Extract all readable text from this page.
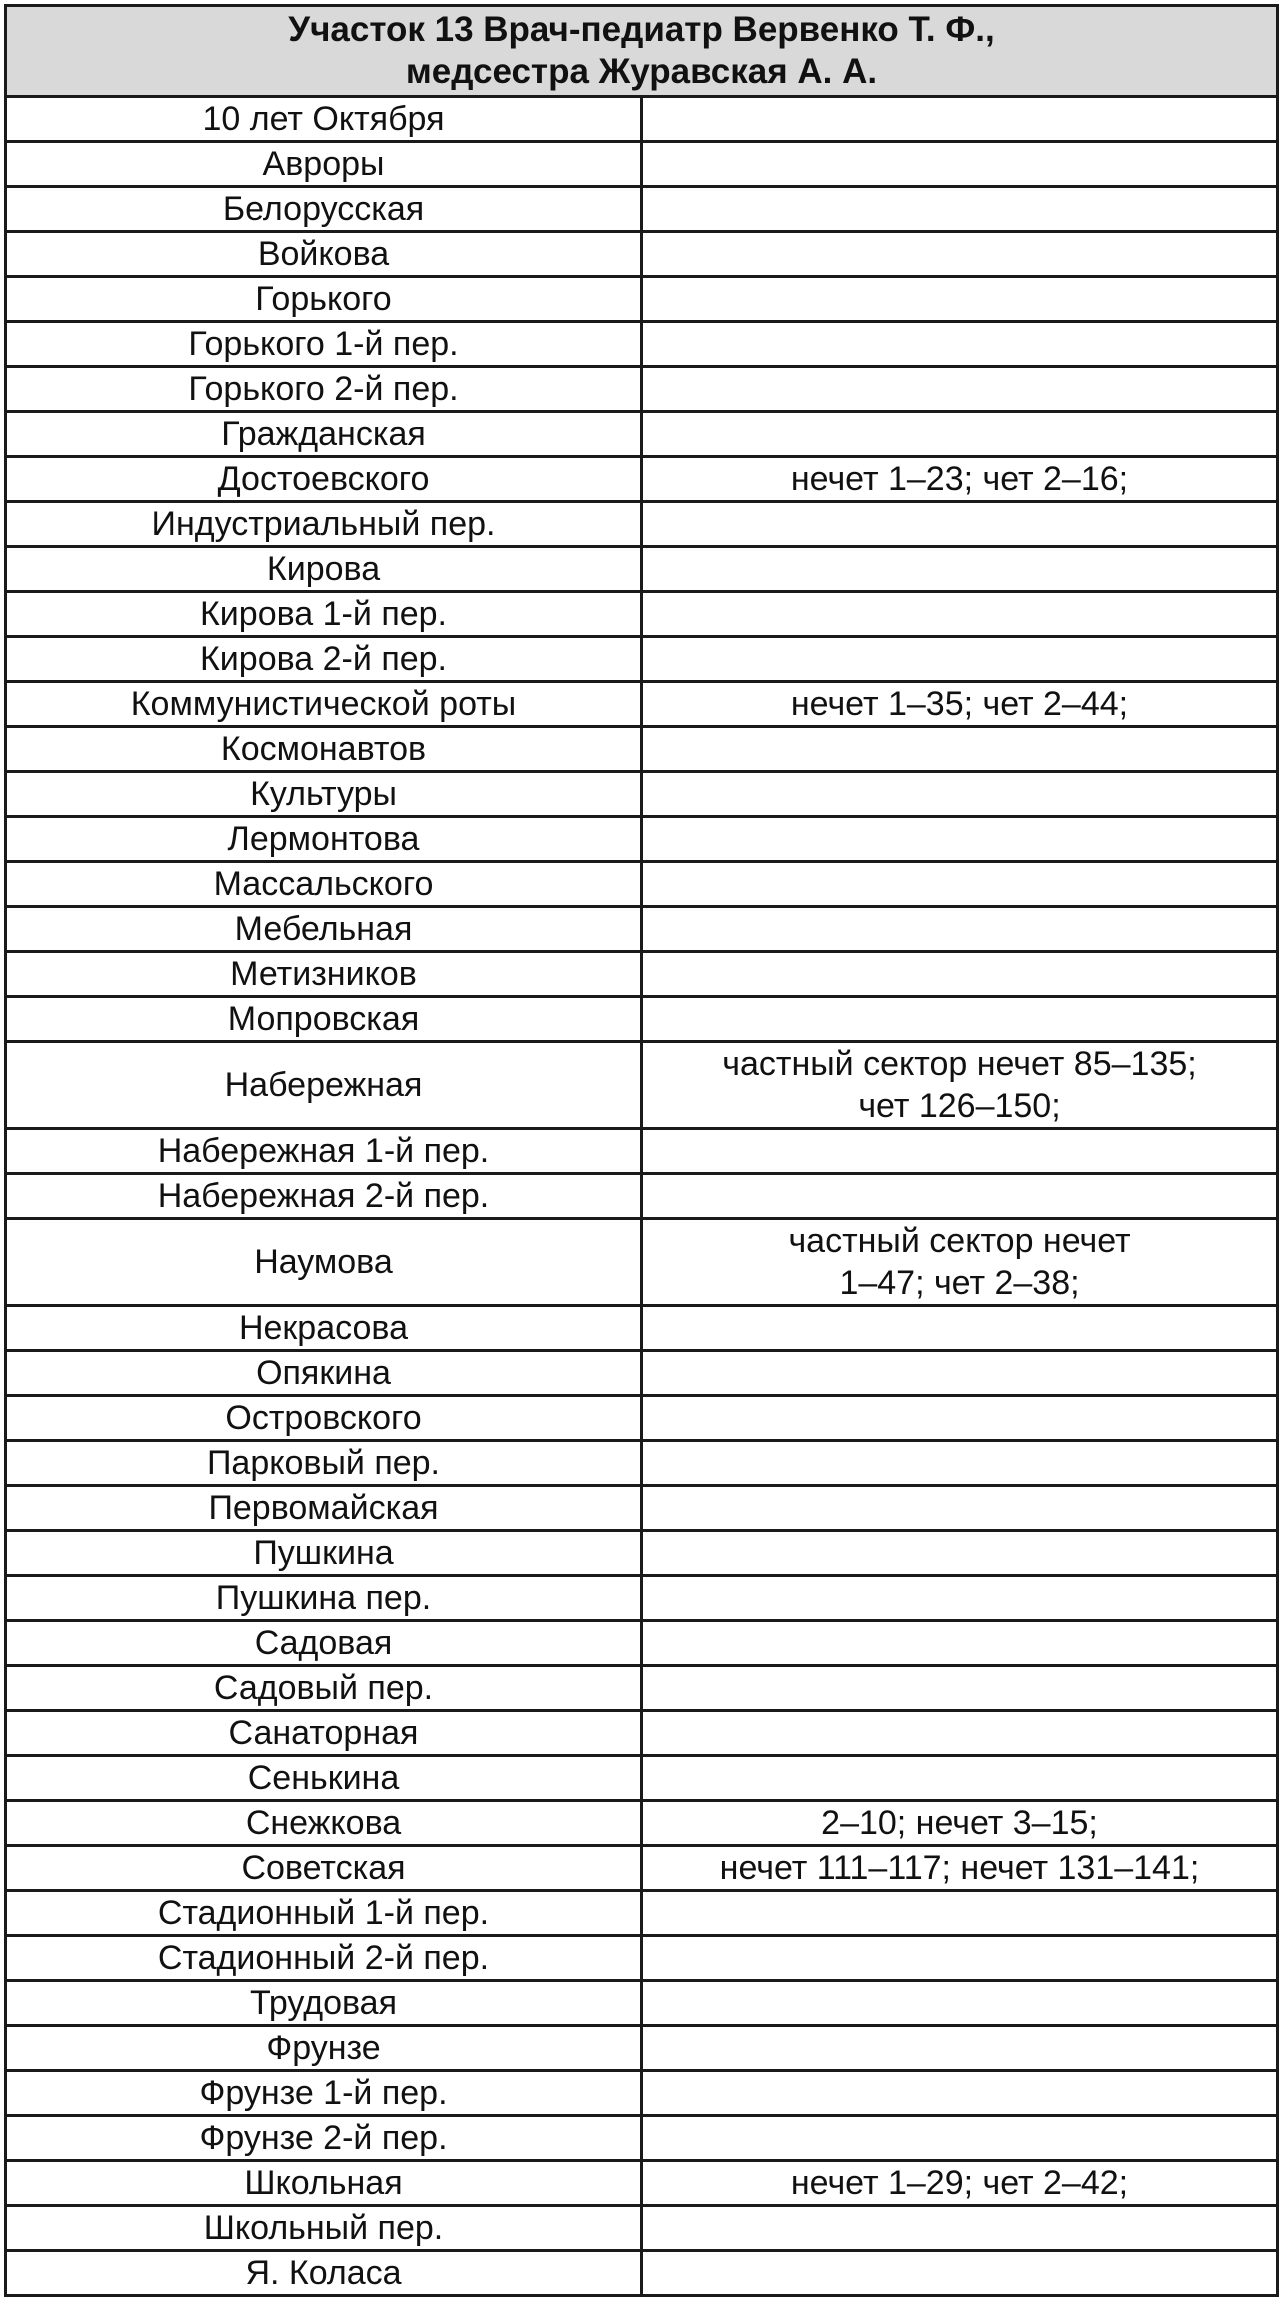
Участок 13 Врач-педиатр Вервенко Т. Ф.,
медсестра Журавская А. А.	

10 лет Октября	
Авроры	
Белорусская	
Войкова	
Горького	
Горького 1-й пер.	
Горького 2-й пер.	
Гражданская	
Достоевского	нечет 1–23; чет 2–16;
Индустриальный пер.	
Кирова	
Кирова 1-й пер.	
Кирова 2-й пер.	
Коммунистической роты	нечет 1–35; чет 2–44;
Космонавтов	
Культуры	
Лермонтова	
Массальского	
Мебельная	
Метизников	
Мопровская	
Набережная	частный сектор нечет 85–135;
чет 126–150;

Набережная 1-й пер.	
Набережная 2-й пер.	
Наумова	частный сектор нечет
1–47; чет 2–38;

Некрасова	
Опякина	
Островского	
Парковый пер.	
Первомайская	
Пушкина	
Пушкина пер.	
Садовая	
Садовый пер.	
Санаторная	
Сенькина	
Снежкова	2–10; нечет 3–15;
Советская	нечет 111–117; нечет 131–141;
Стадионный 1-й пер.	
Стадионный 2-й пер.	
Трудовая	
Фрунзе	
Фрунзе 1-й пер.	
Фрунзе 2-й пер.	
Школьная	нечет 1–29; чет 2–42;
Школьный пер.	
Я. Коласа	
